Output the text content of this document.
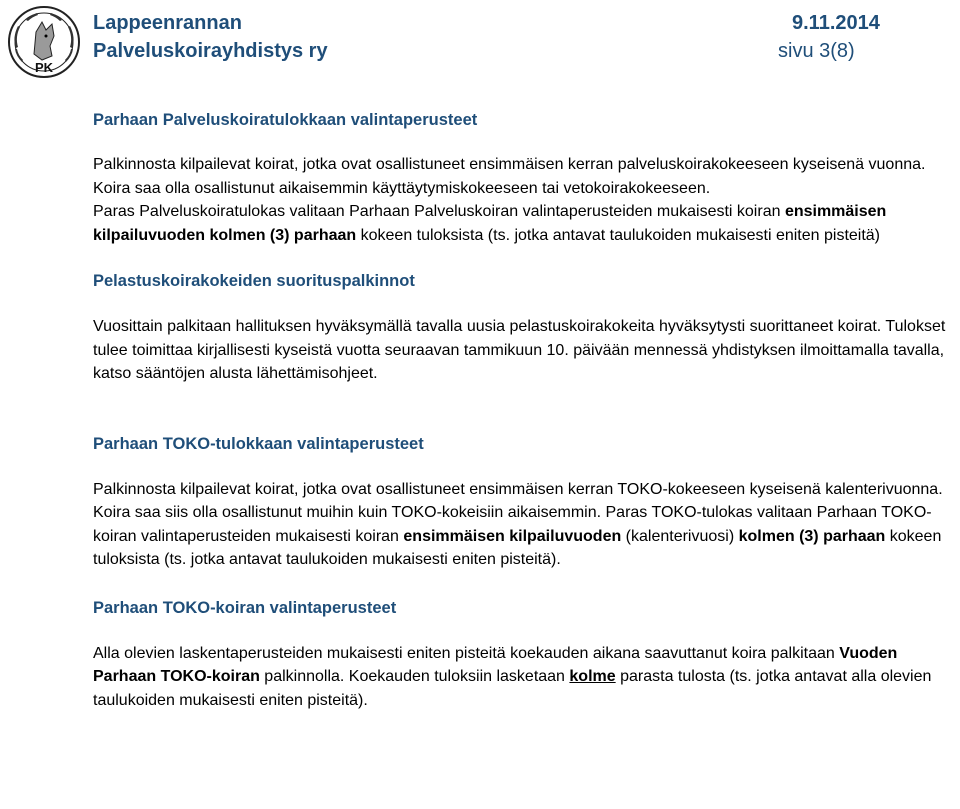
PK
Lappeenrannan
Palveluskoirayhdistys ry
9.11.2014
sivu 3(8)
Parhaan Palveluskoiratulokkaan valintaperusteet

Palkinnosta kilpailevat koirat, jotka ovat osallistuneet ensimmäisen kerran palveluskoirakokeeseen kyseisenä vuonna. Koira saa olla osallistunut aikaisemmin käyttäytymiskokeeseen tai vetokoirakokeeseen.

Paras Palveluskoiratulokas valitaan Parhaan Palveluskoiran valintaperusteiden mukaisesti koiran ensimmäisen kilpailuvuoden kolmen (3) parhaan kokeen tuloksista (ts. jotka antavat taulukoiden mukaisesti eniten pisteitä)

Pelastuskoirakokeiden suorituspalkinnot

Vuosittain palkitaan hallituksen hyväksymällä tavalla uusia pelastuskoirakokeita hyväksytysti suorittaneet koirat. Tulokset tulee toimittaa kirjallisesti kyseistä vuotta seuraavan tammikuun 10. päivään mennessä yhdistyksen ilmoittamalla tavalla, katso sääntöjen alusta lähettämisohjeet.

Parhaan TOKO-tulokkaan valintaperusteet

Palkinnosta kilpailevat koirat, jotka ovat osallistuneet ensimmäisen kerran TOKO-kokeeseen kyseisenä kalenterivuonna. Koira saa siis olla osallistunut muihin kuin TOKO-kokeisiin aikaisemmin. Paras TOKO-tulokas valitaan Parhaan TOKO-koiran valintaperusteiden mukaisesti koiran ensimmäisen kilpailuvuoden (kalenterivuosi) kolmen (3) parhaan kokeen tuloksista (ts. jotka antavat taulukoiden mukaisesti eniten pisteitä).

Parhaan TOKO-koiran valintaperusteet

Alla olevien laskentaperusteiden mukaisesti eniten pisteitä koekauden aikana saavuttanut koira palkitaan Vuoden Parhaan TOKO-koiran palkinnolla. Koekauden tuloksiin lasketaan kolme parasta tulosta (ts. jotka antavat alla olevien taulukoiden mukaisesti eniten pisteitä).
